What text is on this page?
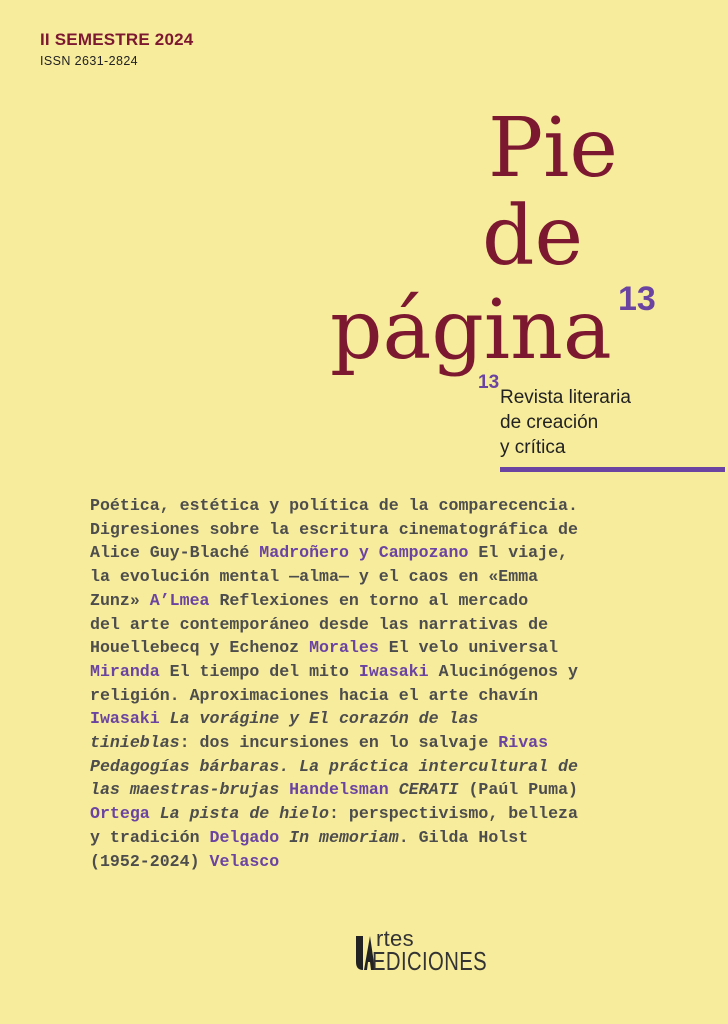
II SEMESTRE 2024
ISSN 2631-2824
Pie
de
página 13
13
Revista literaria
de creación
y crítica
Poética, estética y política de la comparecencia.
Digresiones sobre la escritura cinematográfica de
Alice Guy-Blaché Madroñero y Campozano El viaje,
la evolución mental —alma— y el caos en «Emma
Zunz» A’Lmea Reflexiones en torno al mercado
del arte contemporáneo desde las narrativas de
Houellebecq y Echenoz Morales El velo universal
Miranda El tiempo del mito Iwasaki Alucinógenos y
religión. Aproximaciones hacia el arte chavín
Iwasaki La vorágine y El corazón de las
tinieblas: dos incursiones en lo salvaje Rivas
Pedagogías bárbaras. La práctica intercultural de
las maestras-brujas Handelsman CERATI (Paúl Puma)
Ortega La pista de hielo: perspectivismo, belleza
y tradición Delgado In memoriam. Gilda Holst
(1952-2024) Velasco
rtes
EDICIONES
